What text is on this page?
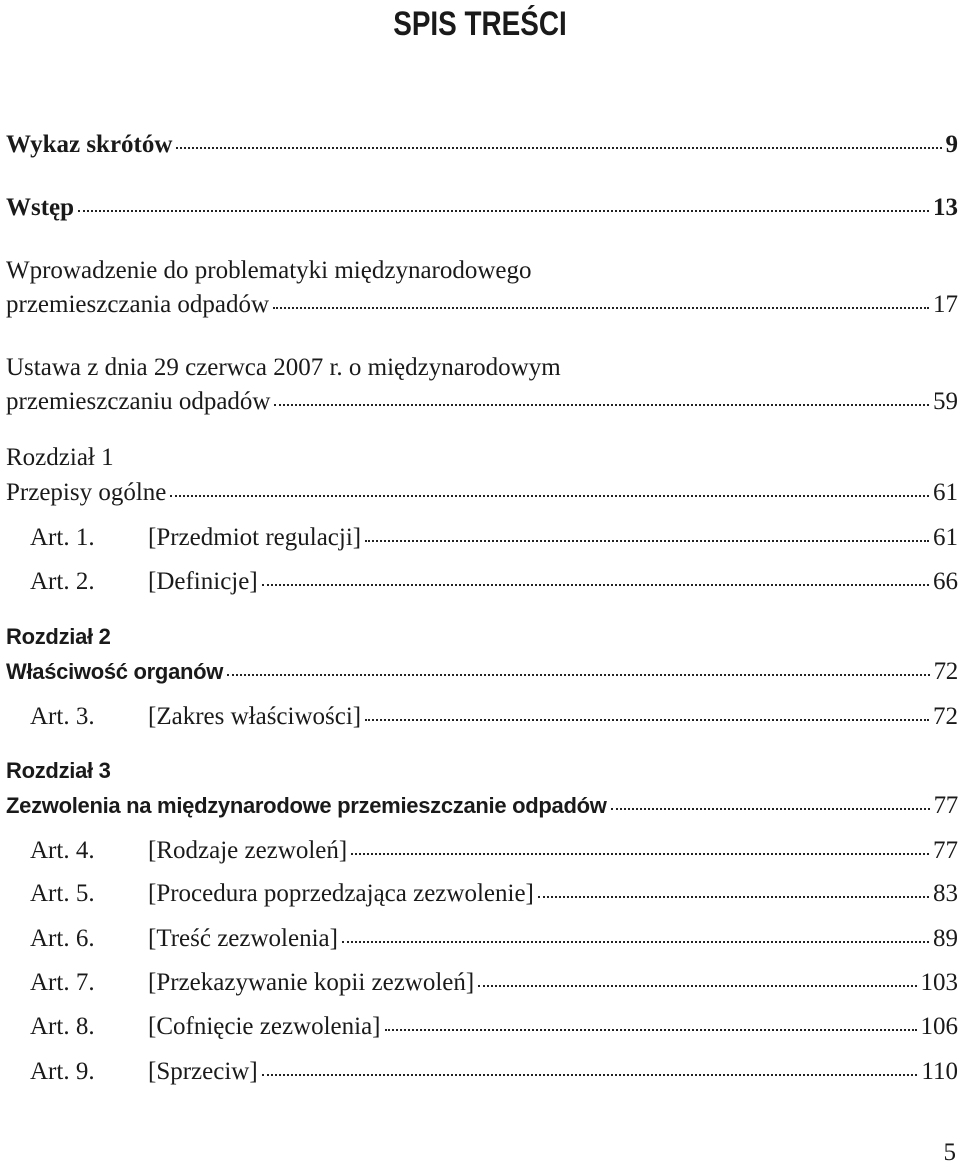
SPIS TREŚCI
Wykaz skrótów	9
Wstęp	13
Wprowadzenie do problematyki międzynarodowego
przemieszczania odpadów	17
Ustawa z dnia 29 czerwca 2007 r. o międzynarodowym
przemieszczaniu odpadów	59
Rozdział 1
Przepisy ogólne	61
Art. 1.	[Przedmiot regulacji]	61
Art. 2.	[Definicje]	66
Rozdział 2
Właściwość organów	72
Art. 3.	[Zakres właściwości]	72
Rozdział 3
Zezwolenia na międzynarodowe przemieszczanie odpadów	77
Art. 4.	[Rodzaje zezwoleń]	77
Art. 5.	[Procedura poprzedzająca zezwolenie]	83
Art. 6.	[Treść zezwolenia]	89
Art. 7.	[Przekazywanie kopii zezwoleń]	103
Art. 8.	[Cofnięcie zezwolenia]	106
Art. 9.	[Sprzeciw]	110
5
